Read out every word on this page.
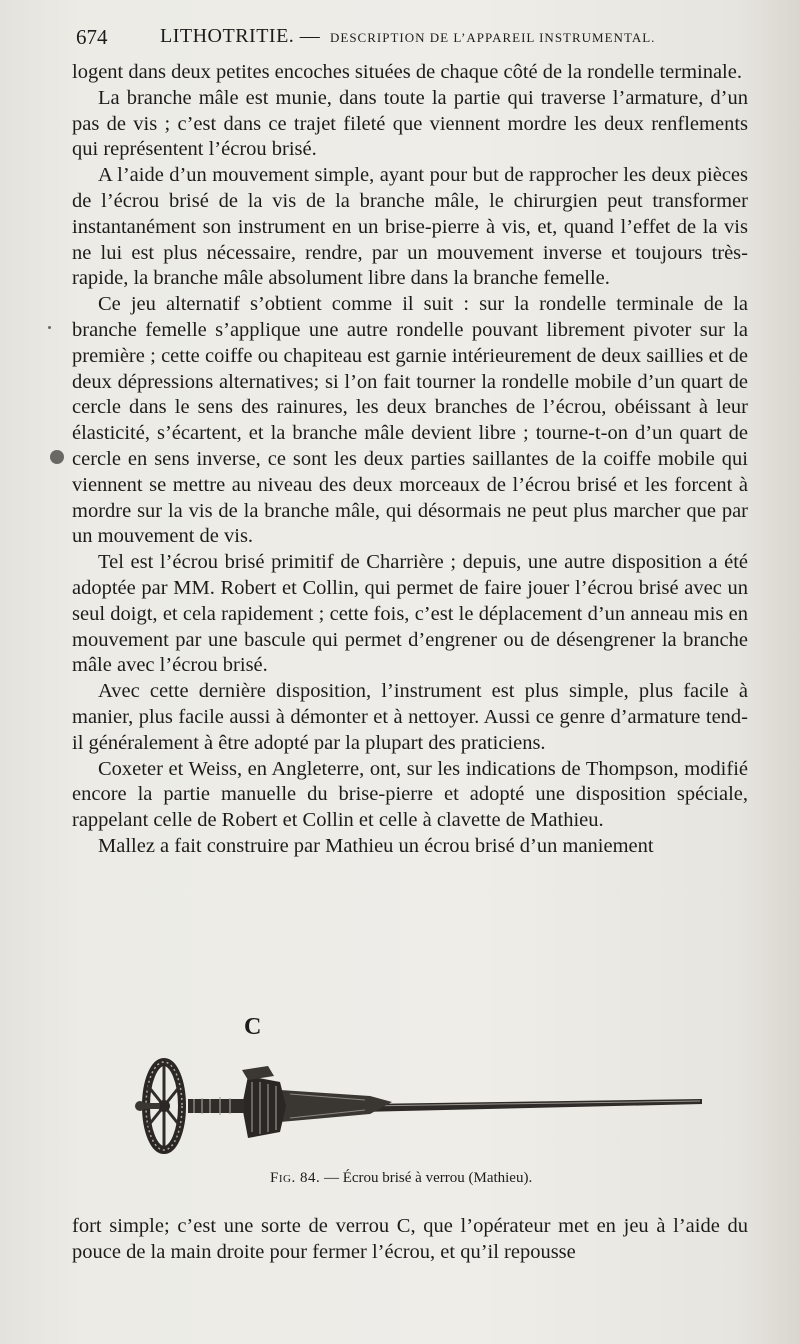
674	LITHOTRITIE. — DESCRIPTION DE L’APPAREIL INSTRUMENTAL.

logent dans deux petites encoches situées de chaque côté de la rondelle terminale.

La branche mâle est munie, dans toute la partie qui traverse l’armature, d’un pas de vis ; c’est dans ce trajet fileté que viennent mordre les deux renflements qui représentent l’écrou brisé.

A l’aide d’un mouvement simple, ayant pour but de rapprocher les deux pièces de l’écrou brisé de la vis de la branche mâle, le chirurgien peut transformer instantanément son instrument en un brise-pierre à vis, et, quand l’effet de la vis ne lui est plus nécessaire, rendre, par un mouvement inverse et toujours très-rapide, la branche mâle absolument libre dans la branche femelle.

Ce jeu alternatif s’obtient comme il suit : sur la rondelle terminale de la branche femelle s’applique une autre rondelle pouvant librement pivoter sur la première ; cette coiffe ou chapiteau est garnie intérieurement de deux saillies et de deux dépressions alternatives; si l’on fait tourner la rondelle mobile d’un quart de cercle dans le sens des rainures, les deux branches de l’écrou, obéissant à leur élasticité, s’écartent, et la branche mâle devient libre ; tourne-t-on d’un quart de cercle en sens inverse, ce sont les deux parties saillantes de la coiffe mobile qui viennent se mettre au niveau des deux morceaux de l’écrou brisé et les forcent à mordre sur la vis de la branche mâle, qui désormais ne peut plus marcher que par un mouvement de vis.

Tel est l’écrou brisé primitif de Charrière ; depuis, une autre disposition a été adoptée par MM. Robert et Collin, qui permet de faire jouer l’écrou brisé avec un seul doigt, et cela rapidement ; cette fois, c’est le déplacement d’un anneau mis en mouvement par une bascule qui permet d’engrener ou de désengrener la branche mâle avec l’écrou brisé.

Avec cette dernière disposition, l’instrument est plus simple, plus facile à manier, plus facile aussi à démonter et à nettoyer. Aussi ce genre d’armature tend-il généralement à être adopté par la plupart des praticiens.

Coxeter et Weiss, en Angleterre, ont, sur les indications de Thompson, modifié encore la partie manuelle du brise-pierre et adopté une disposition spéciale, rappelant celle de Robert et Collin et celle à clavette de Mathieu.

Mallez a fait construire par Mathieu un écrou brisé d’un maniement

C
Fig. 84. — Écrou brisé à verrou (Mathieu).

fort simple; c’est une sorte de verrou C, que l’opérateur met en jeu à l’aide du pouce de la main droite pour fermer l’écrou, et qu’il repousse
